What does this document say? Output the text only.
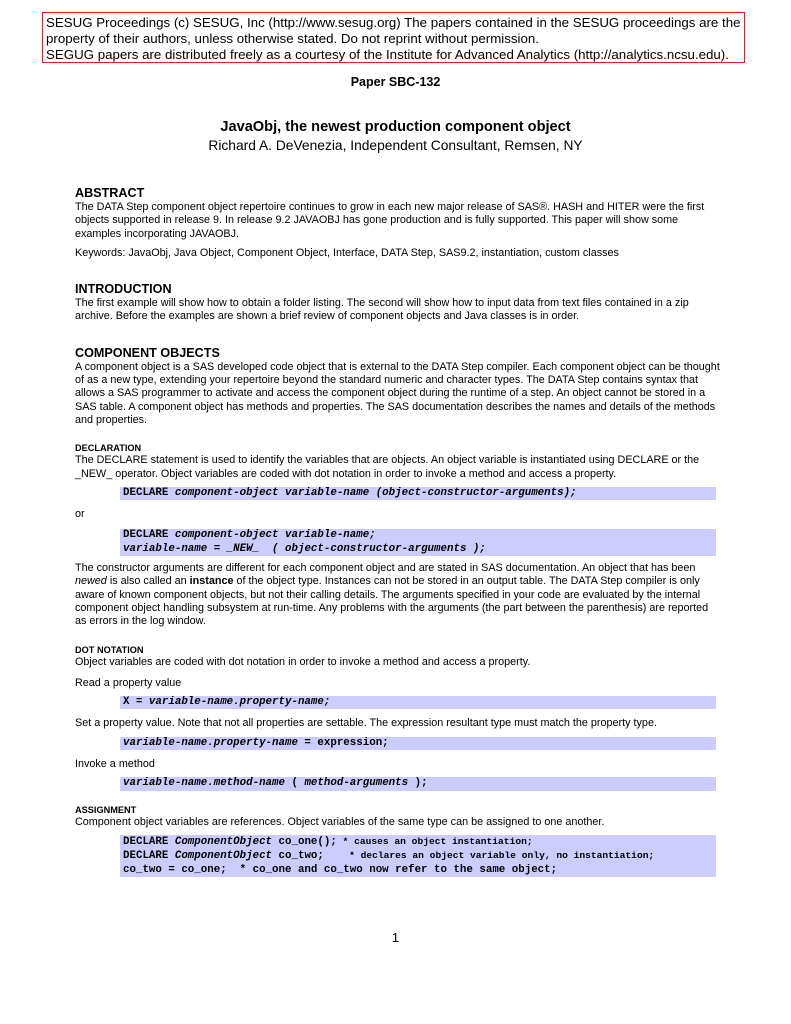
SESUG Proceedings (c) SESUG, Inc (http://www.sesug.org) The papers contained in the SESUG proceedings are the
property of their authors, unless otherwise stated. Do not reprint without permission.
SEGUG papers are distributed freely as a courtesy of the Institute for Advanced Analytics (http://analytics.ncsu.edu).
Paper SBC-132
JavaObj, the newest production component object
Richard A. DeVenezia, Independent Consultant, Remsen, NY
ABSTRACT

The DATA Step component object repertoire continues to grow in each new major release of SAS®. HASH and HITER were the first objects supported in release 9. In release 9.2 JAVAOBJ has gone production and is fully supported. This paper will show some examples incorporating JAVAOBJ.

Keywords: JavaObj, Java Object, Component Object, Interface, DATA Step, SAS9.2, instantiation, custom classes

INTRODUCTION

The first example will show how to obtain a folder listing. The second will show how to input data from text files contained in a zip archive. Before the examples are shown a brief review of component objects and Java classes is in order.

COMPONENT OBJECTS

A component object is a SAS developed code object that is external to the DATA Step compiler. Each component object can be thought of as a new type, extending your repertoire beyond the standard numeric and character types. The DATA Step contains syntax that allows a SAS programmer to activate and access the component object during the runtime of a step. An object cannot be stored in a SAS table. A component object has methods and properties. The SAS documentation describes the names and details of the methods and properties.

DECLARATION

The DECLARE statement is used to identify the variables that are objects. An object variable is instantiated using DECLARE or the _NEW_ operator. Object variables are coded with dot notation in order to invoke a method and access a property.

DECLARE component-object variable-name (object-constructor-arguments);

or

DECLARE component-object variable-name;
variable-name = _NEW_  ( object-constructor-arguments );

The constructor arguments are different for each component object and are stated in SAS documentation. An object that has been newed is also called an instance of the object type. Instances can not be stored in an output table. The DATA Step compiler is only aware of known component objects, but not their calling details. The arguments specified in your code are evaluated by the internal component object handling subsystem at run-time. Any problems with the arguments (the part between the parenthesis) are reported as errors in the log window.

DOT NOTATION

Object variables are coded with dot notation in order to invoke a method and access a property.

Read a property value

X = variable-name.property-name;

Set a property value. Note that not all properties are settable. The expression resultant type must match the property type.

variable-name.property-name = expression;

Invoke a method

variable-name.method-name ( method-arguments );
ASSIGNMENT

Component object variables are references. Object variables of the same type can be assigned to one another.

DECLARE ComponentObject co_one(); * causes an object instantiation;
DECLARE ComponentObject co_two;    * declares an object variable only, no instantiation;
co_two = co_one;  * co_one and co_two now refer to the same object;
1
